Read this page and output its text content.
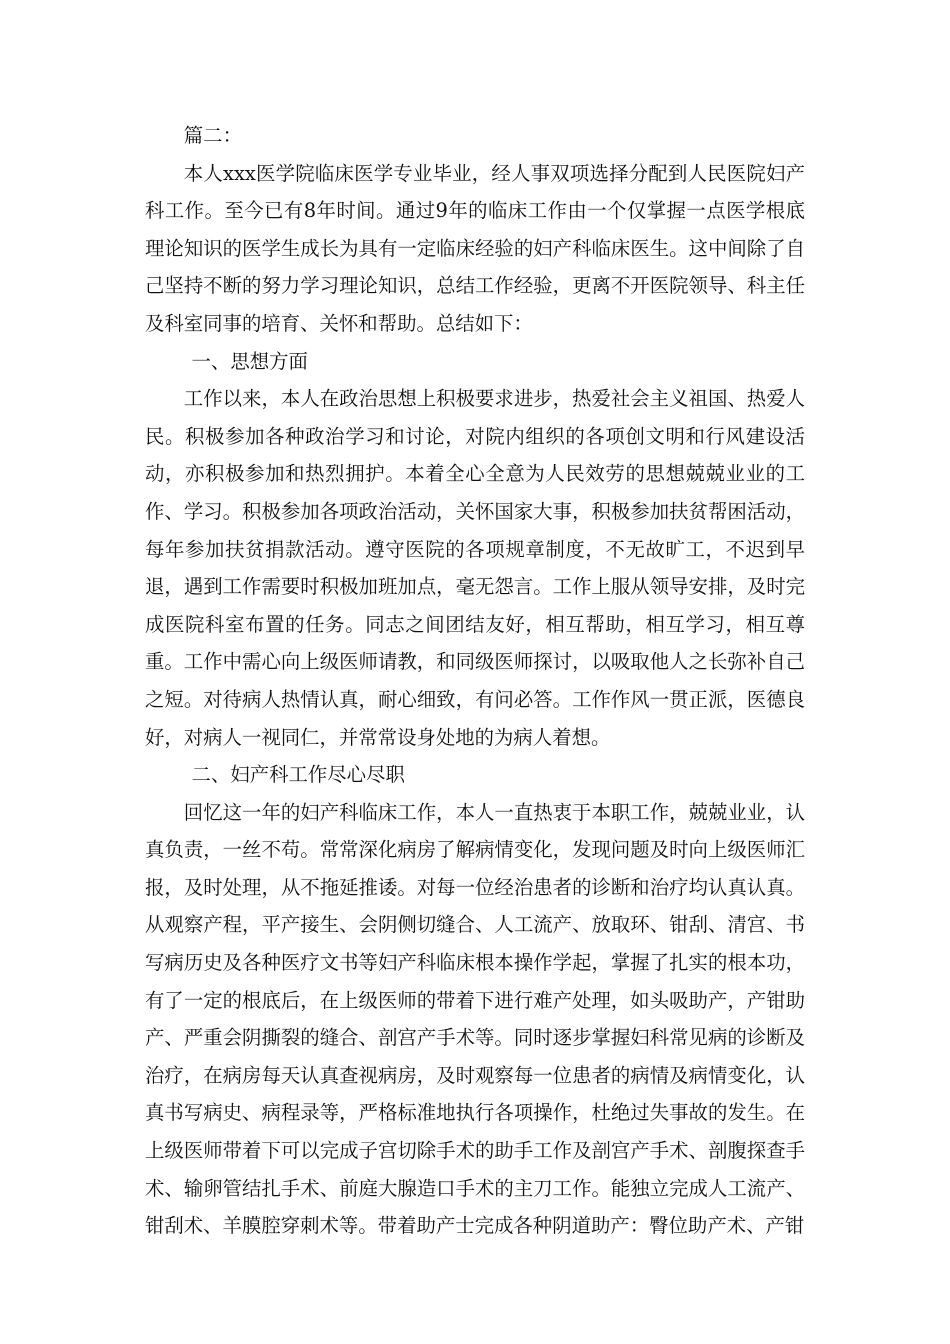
篇二：

本人xxx医学院临床医学专业毕业，经人事双项选择分配到人民医院妇产科工作。至今已有8年时间。通过9年的临床工作由一个仅掌握一点医学根底理论知识的医学生成长为具有一定临床经验的妇产科临床医生。这中间除了自己坚持不断的努力学习理论知识，总结工作经验，更离不开医院领导、科主任及科室同事的培育、关怀和帮助。总结如下：

一、思想方面

工作以来，本人在政治思想上积极要求进步，热爱社会主义祖国、热爱人民。积极参加各种政治学习和讨论，对院内组织的各项创文明和行风建设活动，亦积极参加和热烈拥护。本着全心全意为人民效劳的思想兢兢业业的工作、学习。积极参加各项政治活动，关怀国家大事，积极参加扶贫帮困活动，每年参加扶贫捐款活动。遵守医院的各项规章制度，不无故旷工，不迟到早退，遇到工作需要时积极加班加点，毫无怨言。工作上服从领导安排，及时完成医院科室布置的任务。同志之间团结友好，相互帮助，相互学习，相互尊重。工作中需心向上级医师请教，和同级医师探讨，以吸取他人之长弥补自己之短。对待病人热情认真，耐心细致，有问必答。工作作风一贯正派，医德良好，对病人一视同仁，并常常设身处地的为病人着想。

二、妇产科工作尽心尽职

回忆这一年的妇产科临床工作，本人一直热衷于本职工作，兢兢业业，认真负责，一丝不苟。常常深化病房了解病情变化，发现问题及时向上级医师汇报，及时处理，从不拖延推诿。对每一位经治患者的诊断和治疗均认真认真。从观察产程，平产接生、会阴侧切缝合、人工流产、放取环、钳刮、清宫、书写病历史及各种医疗文书等妇产科临床根本操作学起，掌握了扎实的根本功，有了一定的根底后，在上级医师的带着下进行难产处理，如头吸助产，产钳助产、严重会阴撕裂的缝合、剖宫产手术等。同时逐步掌握妇科常见病的诊断及治疗，在病房每天认真查视病房，及时观察每一位患者的病情及病情变化，认真书写病史、病程录等，严格标准地执行各项操作，杜绝过失事故的发生。在上级医师带着下可以完成子宫切除手术的助手工作及剖宫产手术、剖腹探查手术、输卵管结扎手术、前庭大腺造口手术的主刀工作。能独立完成人工流产、钳刮术、羊膜腔穿刺术等。带着助产士完成各种阴道助产：臀位助产术、产钳
